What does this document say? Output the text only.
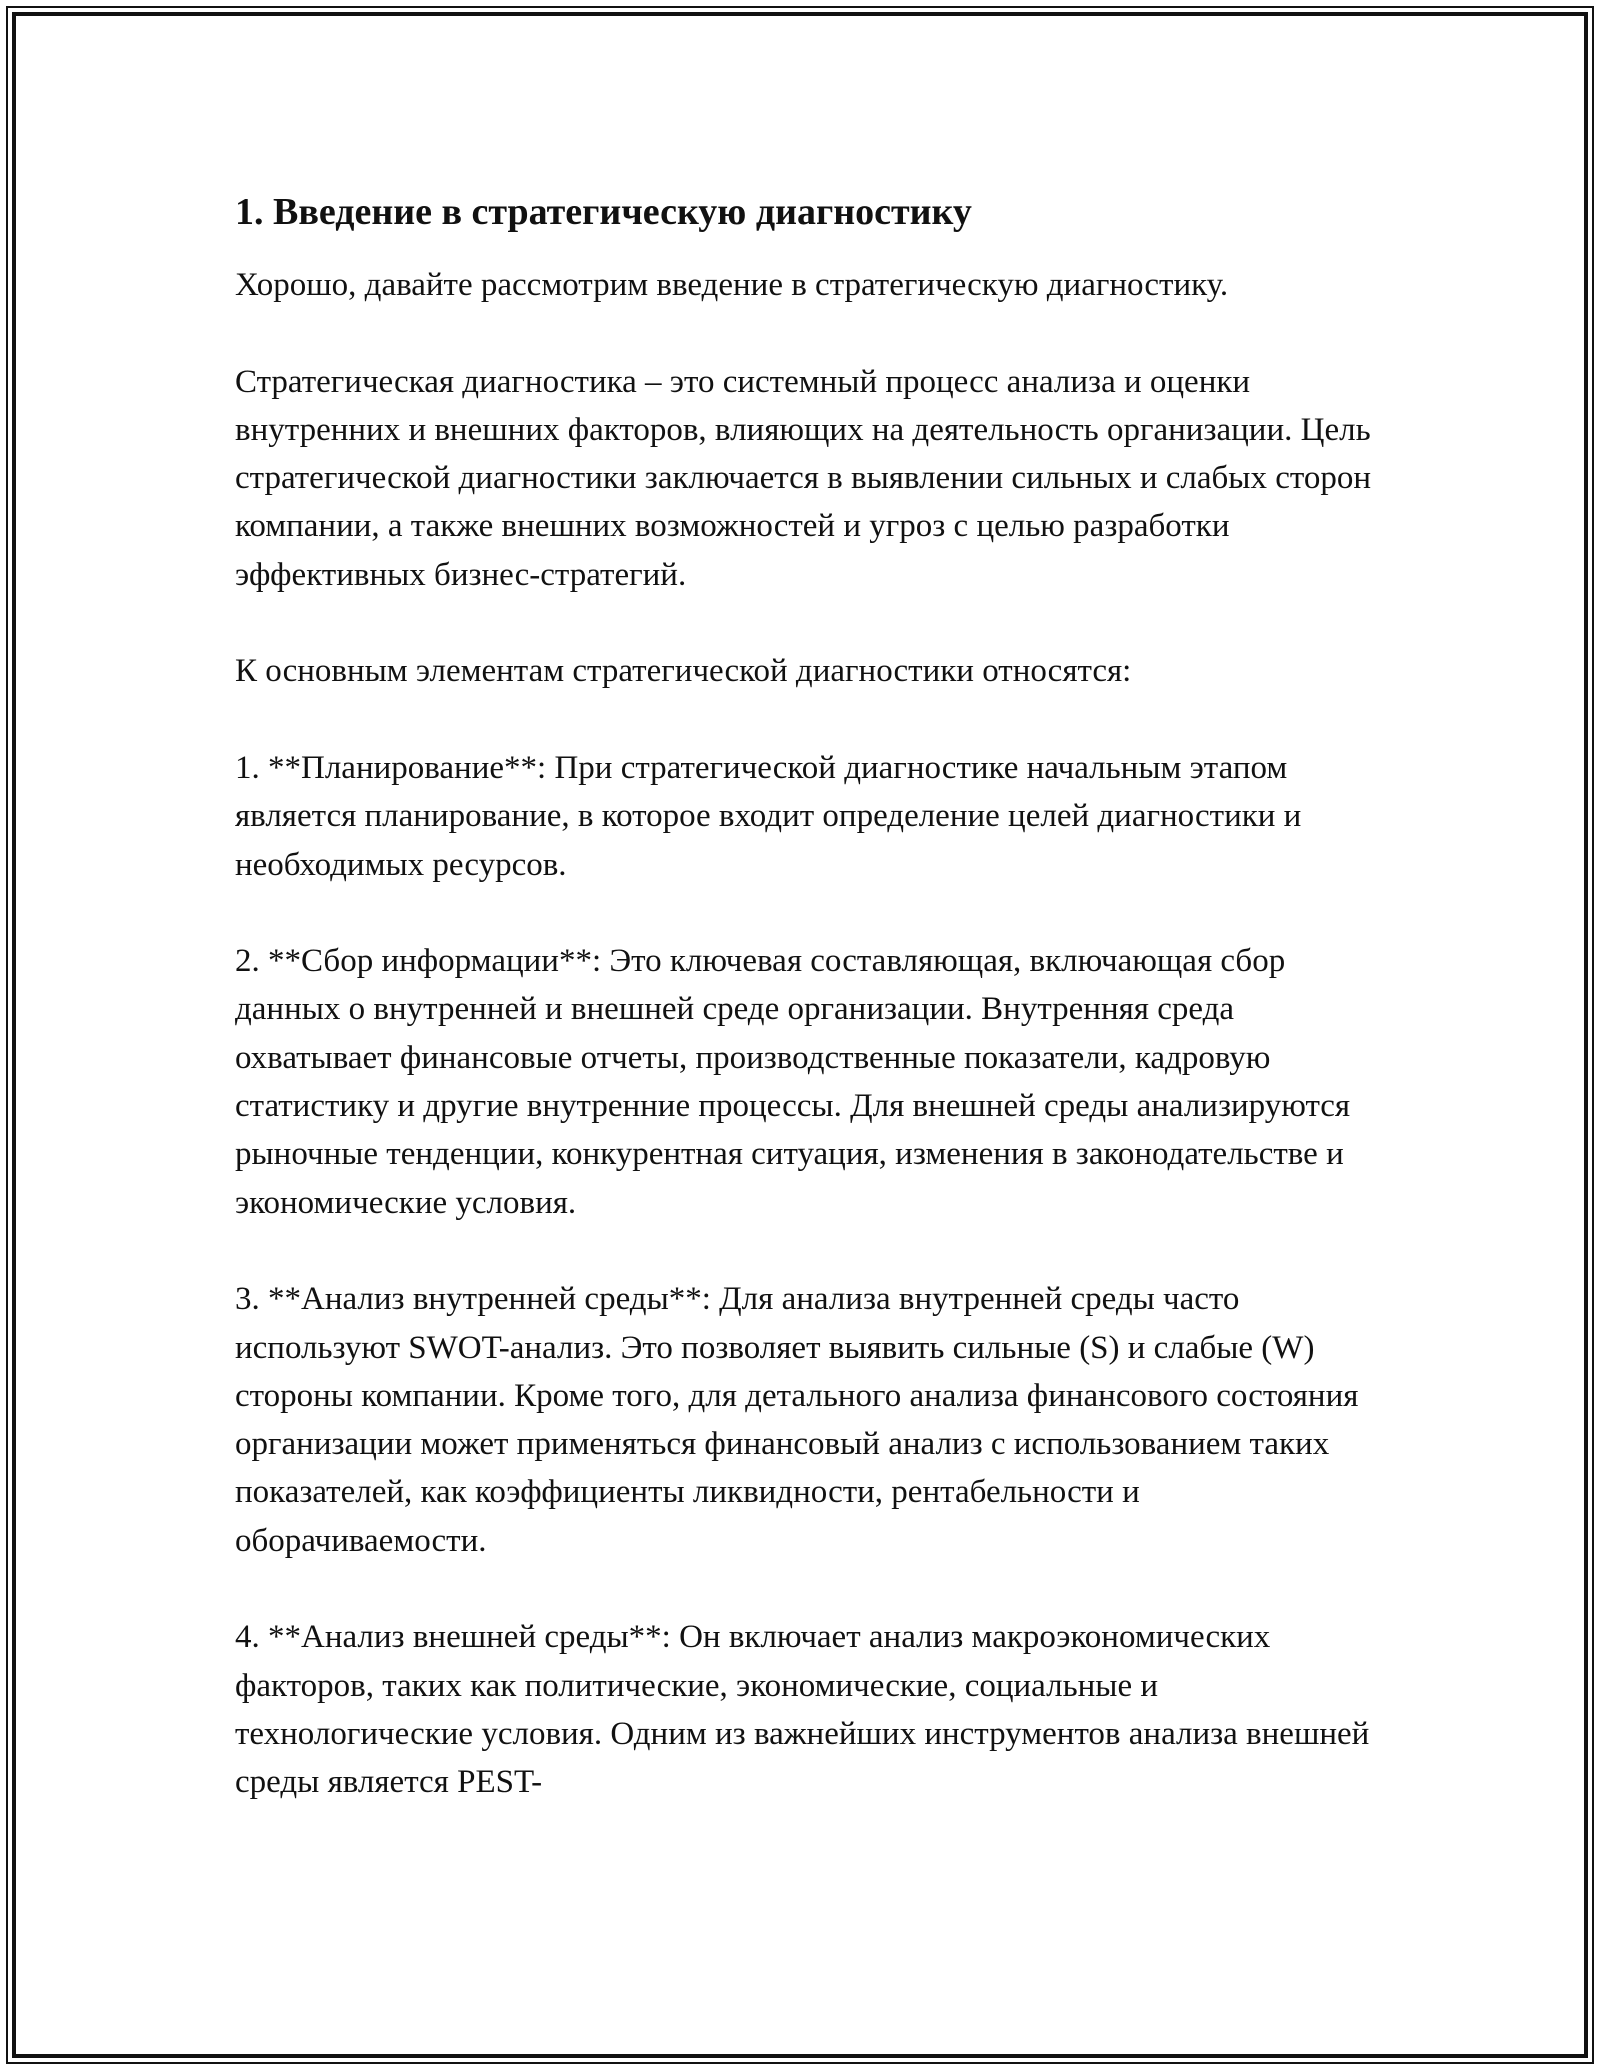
1. Введение в стратегическую диагностику

Хорошо, давайте рассмотрим введение в стратегическую диагностику.

Стратегическая диагностика – это системный процесс анализа и оценки внутренних и внешних факторов, влияющих на деятельность организации. Цель стратегической диагностики заключается в выявлении сильных и слабых сторон компании, а также внешних возможностей и угроз с целью разработки эффективных бизнес-стратегий.

К основным элементам стратегической диагностики относятся:

1. **Планирование**: При стратегической диагностике начальным этапом является планирование, в которое входит определение целей диагностики и необходимых ресурсов.

2. **Сбор информации**: Это ключевая составляющая, включающая сбор данных о внутренней и внешней среде организации. Внутренняя среда охватывает финансовые отчеты, производственные показатели, кадровую статистику и другие внутренние процессы. Для внешней среды анализируются рыночные тенденции, конкурентная ситуация, изменения в законодательстве и экономические условия.

3. **Анализ внутренней среды**: Для анализа внутренней среды часто используют SWOT-анализ. Это позволяет выявить сильные (S) и слабые (W) стороны компании. Кроме того, для детального анализа финансового состояния организации может применяться финансовый анализ с использованием таких показателей, как коэффициенты ликвидности, рентабельности и оборачиваемости.

4. **Анализ внешней среды**: Он включает анализ макроэкономических факторов, таких как политические, экономические, социальные и технологические условия. Одним из важнейших инструментов анализа внешней среды является PEST-
